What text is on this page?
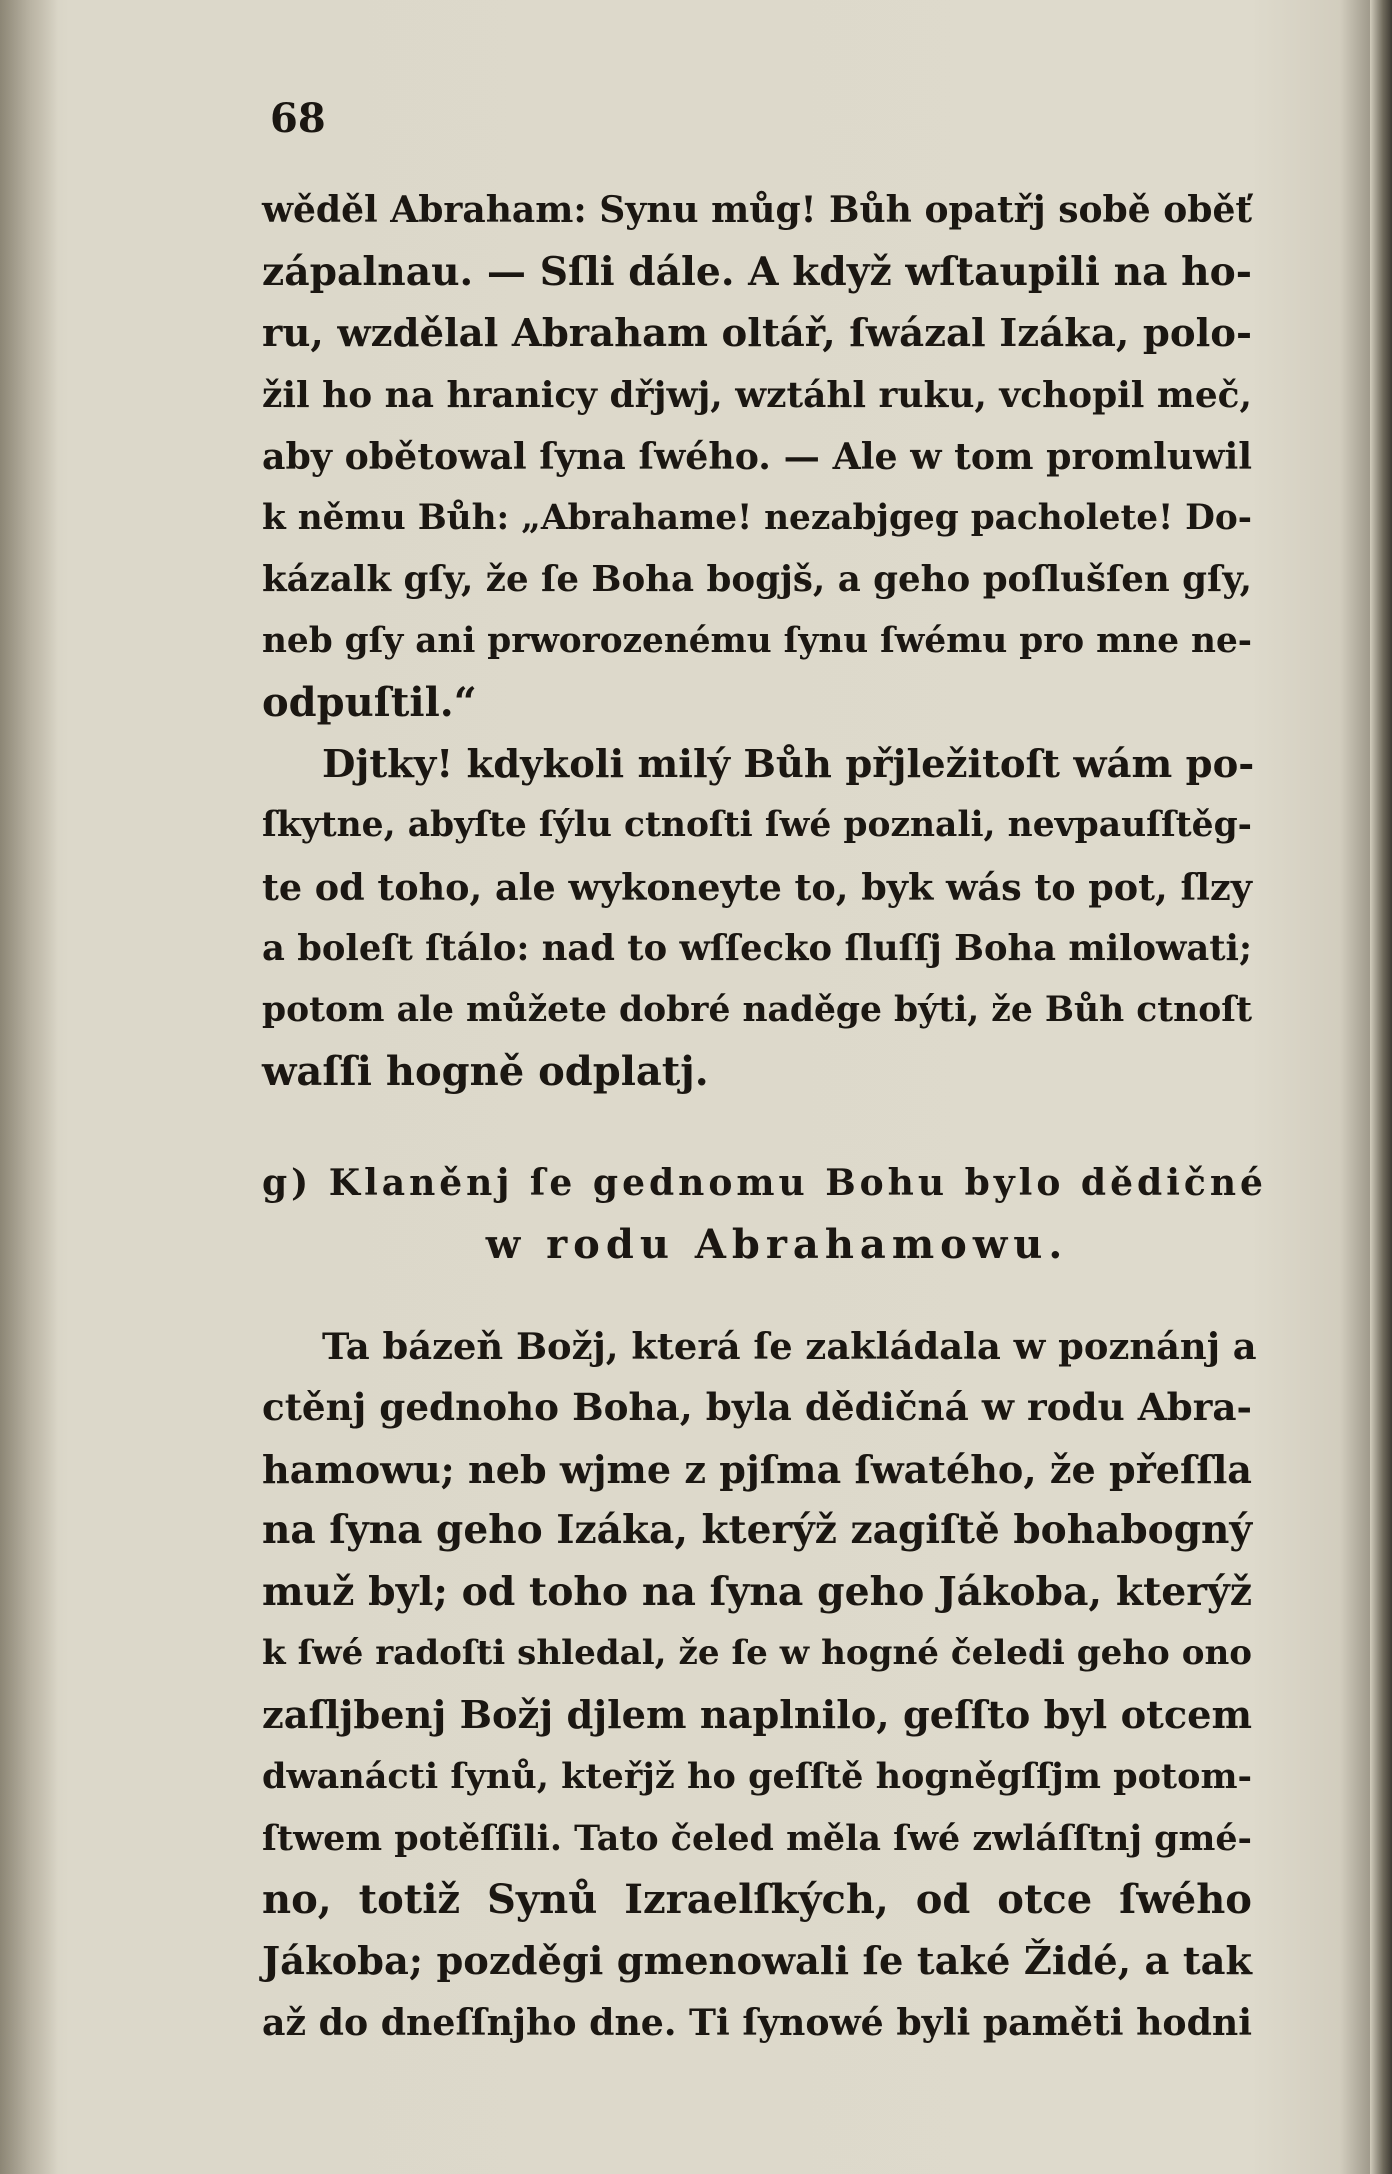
68
wěděl Abraham: Synu můg! Bůh opatřj sobě oběť
zápalnau. — Sſli dále. A když wſtaupili na ho-
ru, wzdělal Abraham oltář, ſwázal Izáka, polo-
žil ho na hranicy dřjwj, wztáhl ruku, vchopil meč,
aby obětowal ſyna ſwého. — Ale w tom promluwil
k němu Bůh: „Abrahame! nezabjgeg pacholete! Do-
kázalk gſy, že ſe Boha bogjš, a geho poſlušſen gſy,
neb gſy ani prworozenému ſynu ſwému pro mne ne-
odpuſtil.“
Djtky! kdykoli milý Bůh přjležitoſt wám po-
ſkytne, abyſte ſýlu ctnoſti ſwé poznali, nevpauſſtěg-
te od toho, ale wykoneyte to, byk wás to pot, ſlzy
a boleſt ſtálo: nad to wſſecko ſluſſj Boha milowati;
potom ale můžete dobré naděge býti, že Bůh ctnoſt
waſſi hogně odplatj.
g) Klaněnj ſe gednomu Bohu bylo dědičné
w rodu Abrahamowu.
Ta bázeň Božj, která ſe zakládala w poznánj a
ctěnj gednoho Boha, byla dědičná w rodu Abra-
hamowu; neb wjme z pjſma ſwatého, že přeſſla
na ſyna geho Izáka, kterýž zagiſtě bohabogný
muž byl; od toho na ſyna geho Jákoba, kterýž
k ſwé radoſti shledal, že ſe w hogné čeledi geho ono
zaſljbenj Božj djlem naplnilo, geſſto byl otcem
dwanácti ſynů, kteřjž ho geſſtě hogněgſſjm potom-
ſtwem potěſſili. Tato čeled měla ſwé zwláſſtnj gmé-
no, totiž Synů Izraelſkých, od otce ſwého
Jákoba; pozděgi gmenowali ſe také Židé, a tak
až do dneſſnjho dne. Ti ſynowé byli paměti hodni
